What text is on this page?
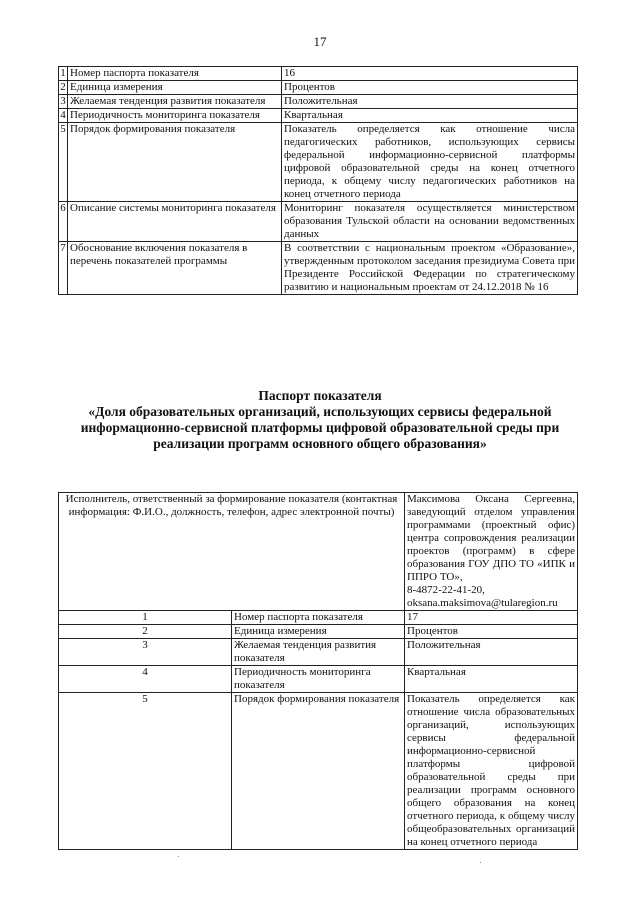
17
1	Номер паспорта показателя	16
2	Единица измерения	Процентов
3	Желаемая тенденция развития показателя	Положительная
4	Периодичность мониторинга показателя	Квартальная
5	Порядок формирования показателя	Показатель определяется как отношение числа педагогических работников, использующих сервисы федеральной информационно-сервисной платформы цифровой образовательной среды на конец отчетного периода, к общему числу педагогических работников на конец отчетного периода
6	Описание системы мониторинга показателя	Мониторинг показателя осуществляется министерством образования Тульской области на основании ведомственных данных
7	Обоснование включения показателя в перечень показателей программы	В соответствии с национальным проектом «Образование», утвержденным протоколом заседания президиума Совета при Президенте Российской Федерации по стратегическому развитию и национальным проектам от 24.12.2018 № 16
Паспорт показателя
«Доля образовательных организаций, использующих сервисы федеральной информационно-сервисной платформы цифровой образовательной среды при реализации программ основного общего образования»
Исполнитель, ответственный за формирование показателя (контактная информация: Ф.И.О., должность, телефон, адрес электронной почты)		Максимова Оксана Сергеевна, заведующий отделом управления программами (проектный офис) центра сопровождения реализации проектов (программ) в сфере образования ГОУ ДПО ТО «ИПК и ППРО ТО»,
8-4872-22-41-20,
oksana.maksimova@tularegion.ru

1	Номер паспорта показателя	17
2	Единица измерения	Процентов
3	Желаемая тенденция развития показателя	Положительная
4	Периодичность мониторинга показателя	Квартальная
5	Порядок формирования показателя	Показатель определяется как отношение числа образовательных организаций, использующих сервисы федеральной информационно-сервисной платформы цифровой образовательной среды при реализации программ основного общего образования на конец отчетного периода, к общему числу общеобразовательных организаций на конец отчетного периода
